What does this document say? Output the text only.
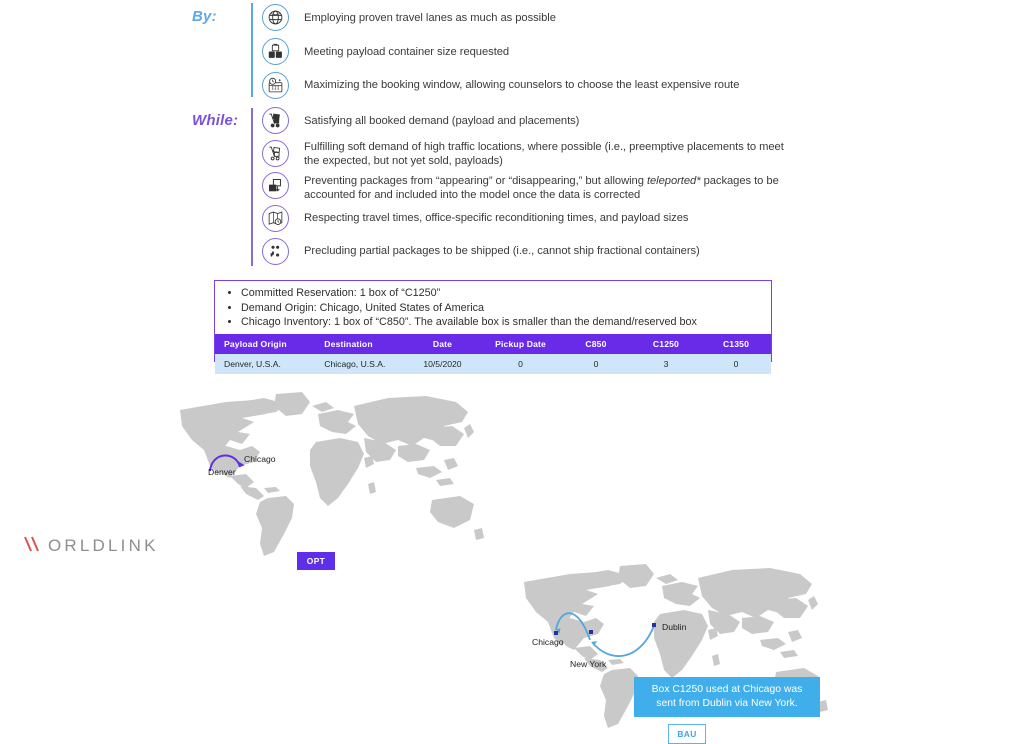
By:	Employing proven travel lanes as much as possible
Meeting payload container size requested
Maximizing the booking window, allowing counselors to choose the least expensive route
While:	Satisfying all booked demand (payload and placements)
Fulfilling soft demand of high traffic locations, where possible (i.e., preemptive placements to meet the expected, but not yet sold, payloads)
Preventing packages from “appearing” or “disappearing,” but allowing teleported* packages to be accounted for and included into the model once the data is corrected
Respecting travel times, office-specific reconditioning times, and payload sizes
Precluding partial packages to be shipped (i.e., cannot ship fractional containers)
• Committed Reservation: 1 box of “C1250”
• Demand Origin: Chicago, United States of America
• Chicago Inventory: 1 box of “C850”. The available box is smaller than the demand/reserved box
Payload Origin	Destination	Date	Pickup Date	C850	C1250	C1350
Denver, U.S.A.	Chicago, U.S.A.	10/5/2020	0	0	3	0
Chicago
Denver
OPT
Chicago
New York
Dublin
Box C1250 used at Chicago was sent from Dublin via New York.
BAU
ORLDLINK
